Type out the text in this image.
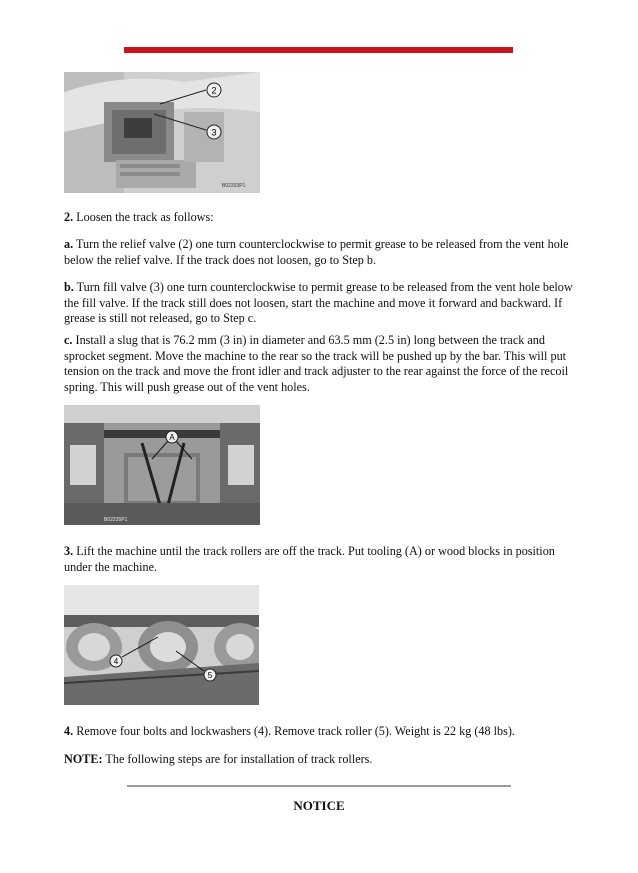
2
3
B02333P1

2. Loosen the track as follows:

a. Turn the relief valve (2) one turn counterclockwise to permit grease to be released from the vent hole below the relief valve. If the track does not loosen, go to Step b.

b. Turn fill valve (3) one turn counterclockwise to permit grease to be released from the vent hole below the fill valve. If the track still does not loosen, start the machine and move it forward and backward. If grease is still not released, go to Step c.

c. Install a slug that is 76.2 mm (3 in) in diameter and 63.5 mm (2.5 in) long between the track and sprocket segment. Move the machine to the rear so the track will be pushed up by the bar. This will put tension on the track and move the front idler and track adjuster to the rear against the force of the recoil spring. This will push grease out of the vent holes.

A
B02235P1

3. Lift the machine until the track rollers are off the track. Put tooling (A) or wood blocks in position under the machine.

4
5

4. Remove four bolts and lockwashers (4). Remove track roller (5). Weight is 22 kg (48 lbs).

NOTE: The following steps are for installation of track rollers.

NOTICE
